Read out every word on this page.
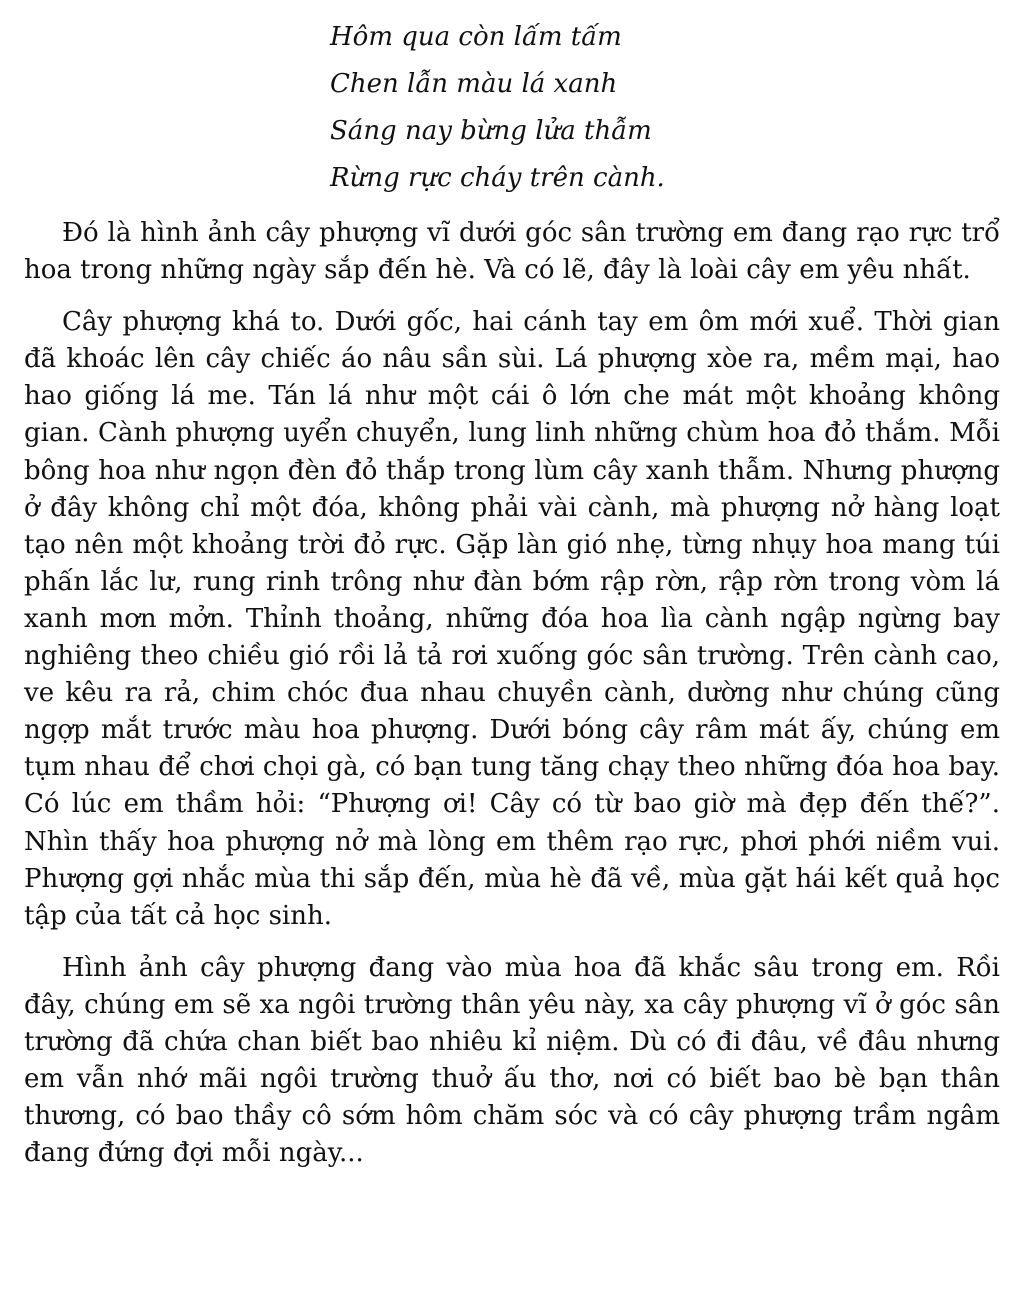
Hôm qua còn lấm tấm
Chen lẫn màu lá xanh
Sáng nay bừng lửa thẫm
Rừng rực cháy trên cành.

Đó là hình ảnh cây phượng vĩ dưới góc sân trường em đang rạo rực trổ hoa trong những ngày sắp đến hè. Và có lẽ, đây là loài cây em yêu nhất.

Cây phượng khá to. Dưới gốc, hai cánh tay em ôm mới xuể. Thời gian đã khoác lên cây chiếc áo nâu sần sùi. Lá phượng xòe ra, mềm mại, hao hao giống lá me. Tán lá như một cái ô lớn che mát một khoảng không gian. Cành phượng uyển chuyển, lung linh những chùm hoa đỏ thắm. Mỗi bông hoa như ngọn đèn đỏ thắp trong lùm cây xanh thẫm. Nhưng phượng ở đây không chỉ một đóa, không phải vài cành, mà phượng nở hàng loạt tạo nên một khoảng trời đỏ rực. Gặp làn gió nhẹ, từng nhụy hoa mang túi phấn lắc lư, rung rinh trông như đàn bớm rập rờn, rập rờn trong vòm lá xanh mơn mởn. Thỉnh thoảng, những đóa hoa lìa cành ngập ngừng bay nghiêng theo chiều gió rồi lả tả rơi xuống góc sân trường. Trên cành cao, ve kêu ra rả, chim chóc đua nhau chuyền cành, dường như chúng cũng ngợp mắt trước màu hoa phượng. Dưới bóng cây râm mát ấy, chúng em tụm nhau để chơi chọi gà, có bạn tung tăng chạy theo những đóa hoa bay. Có lúc em thầm hỏi: “Phượng ơi! Cây có từ bao giờ mà đẹp đến thế?”. Nhìn thấy hoa phượng nở mà lòng em thêm rạo rực, phơi phới niềm vui. Phượng gợi nhắc mùa thi sắp đến, mùa hè đã về, mùa gặt hái kết quả học tập của tất cả học sinh.

Hình ảnh cây phượng đang vào mùa hoa đã khắc sâu trong em. Rồi đây, chúng em sẽ xa ngôi trường thân yêu này, xa cây phượng vĩ ở góc sân trường đã chứa chan biết bao nhiêu kỉ niệm. Dù có đi đâu, về đâu nhưng em vẫn nhớ mãi ngôi trường thuở ấu thơ, nơi có biết bao bè bạn thân thương, có bao thầy cô sớm hôm chăm sóc và có cây phượng trầm ngâm đang đứng đợi mỗi ngày...
